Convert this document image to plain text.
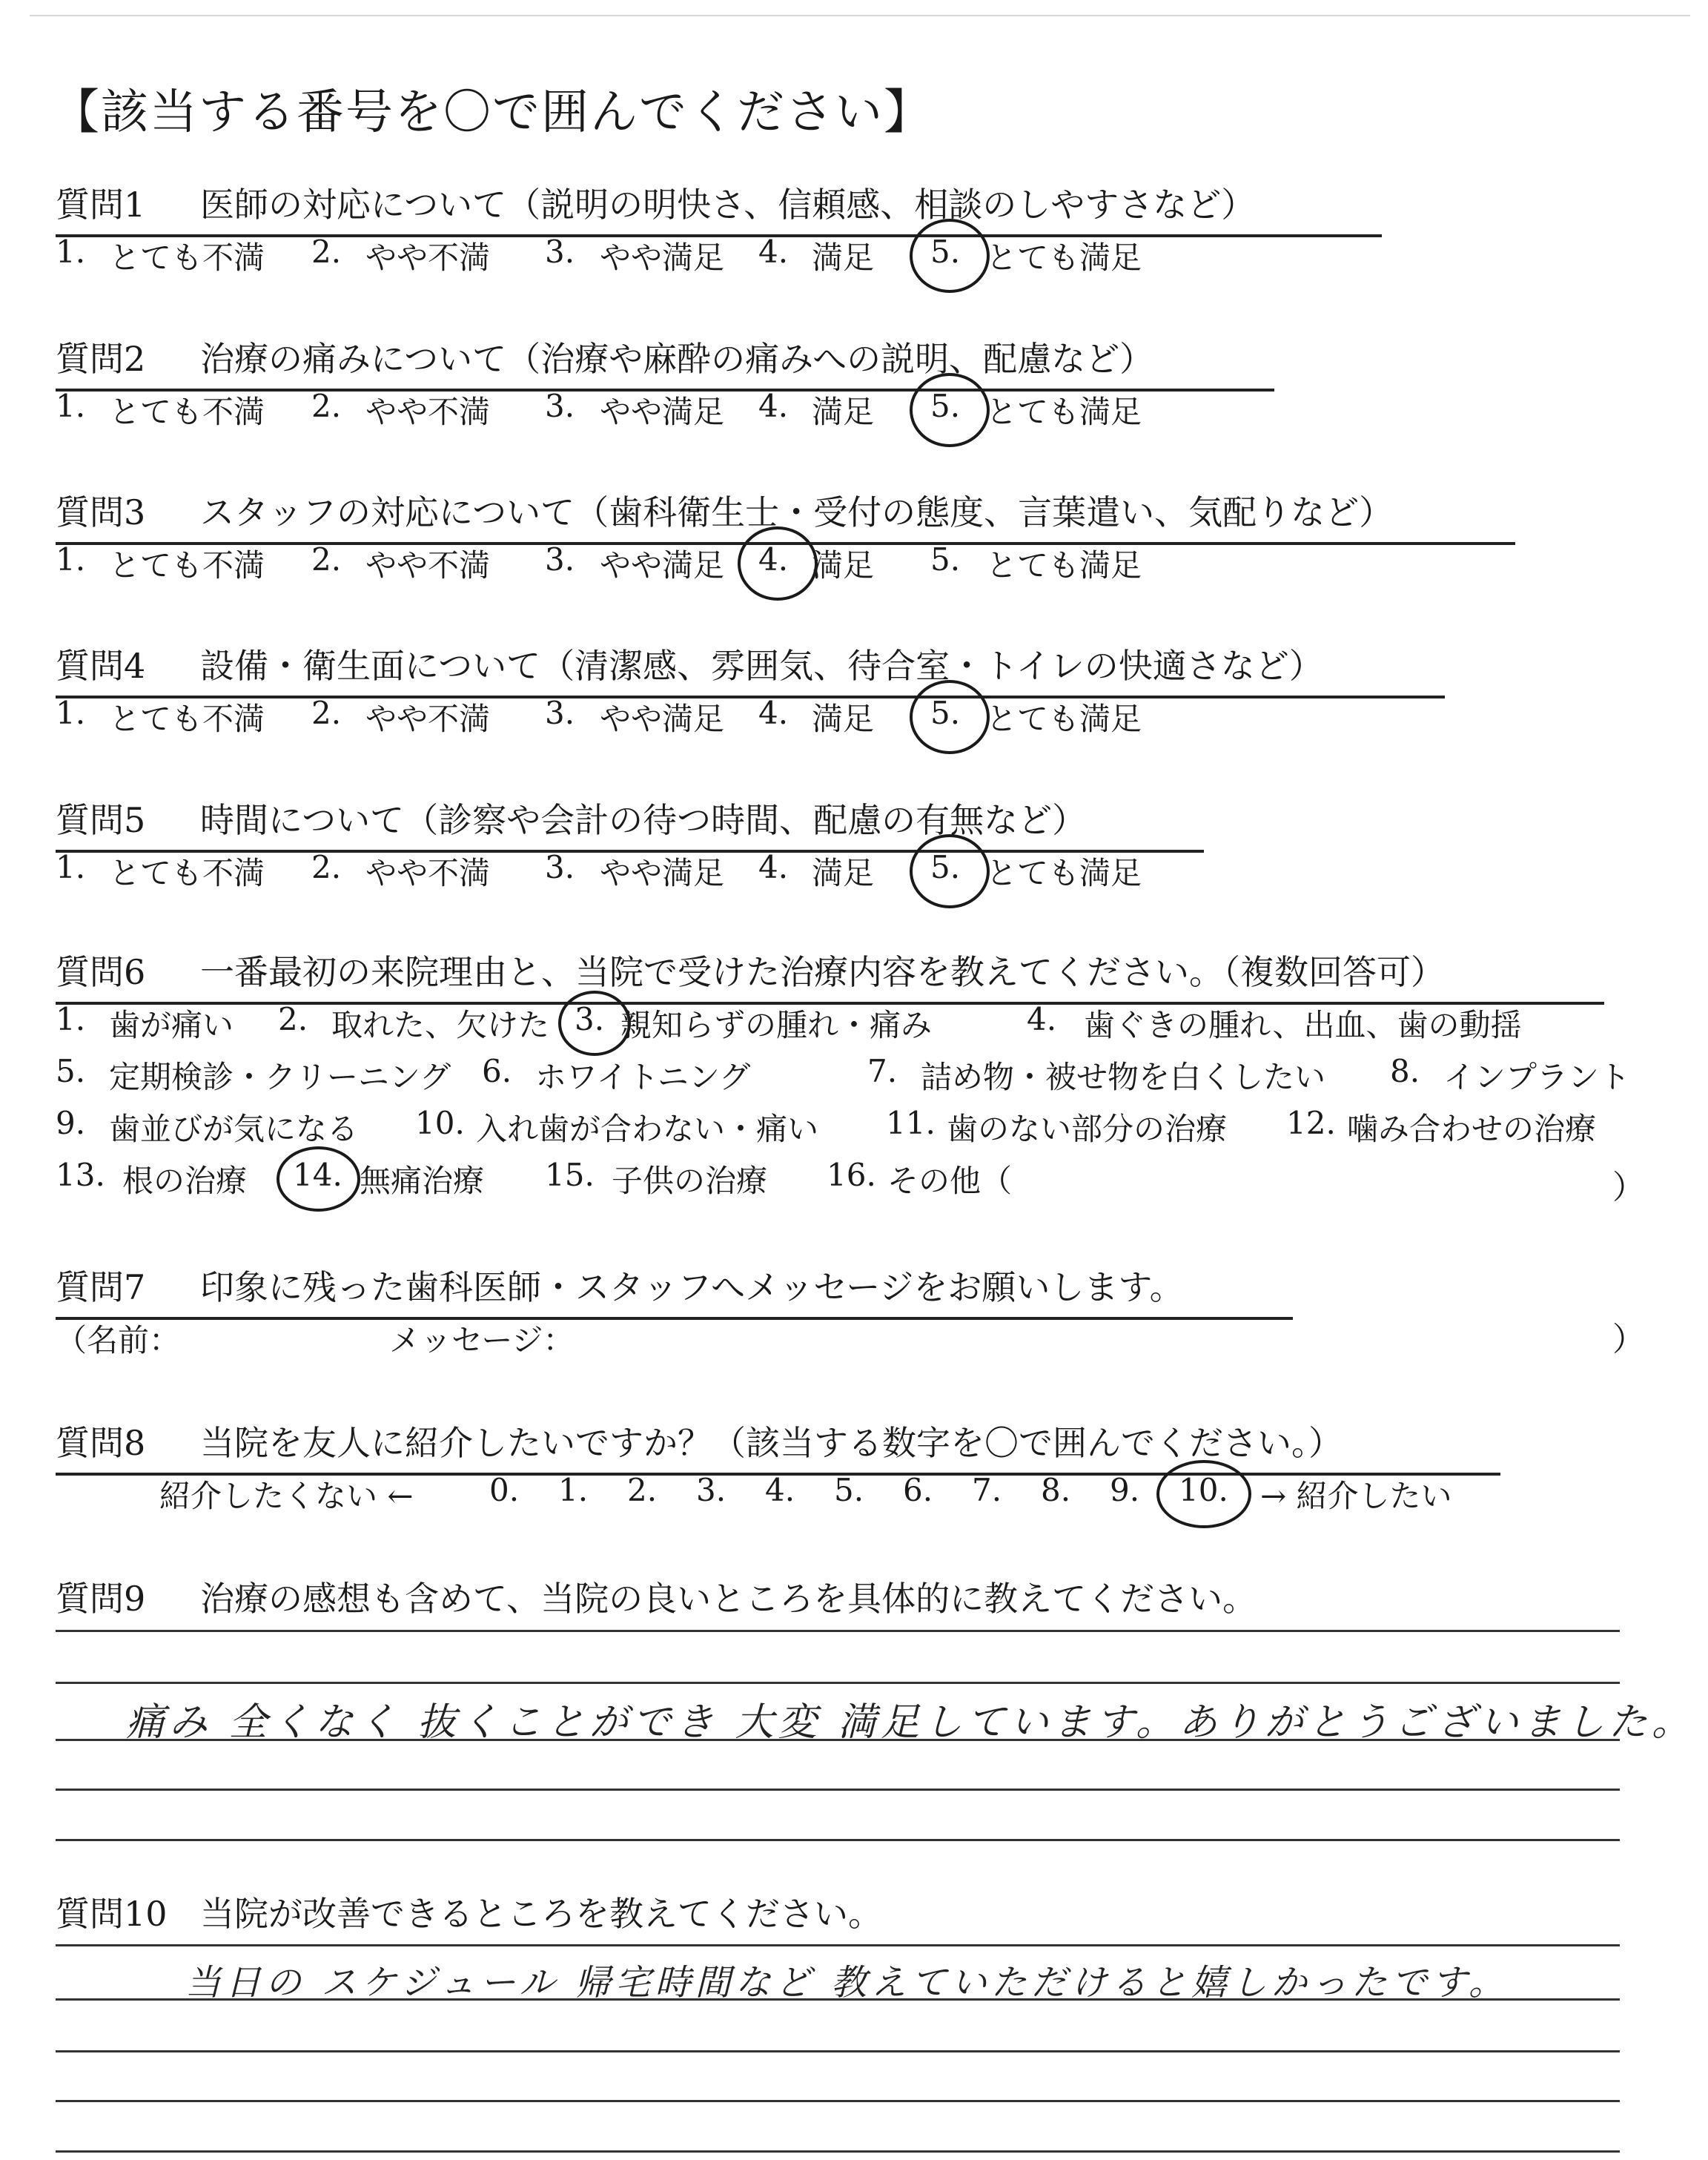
【該当する番号を〇で囲んでください】
質問1 医師の対応について（説明の明快さ、信頼感、相談のしやすさなど）
1. とても不満 2. やや不満 3. やや満足 4. 満足 5. とても満足
質問2 治療の痛みについて（治療や麻酔の痛みへの説明、配慮など）
1. とても不満 2. やや不満 3. やや満足 4. 満足 5. とても満足
質問3 スタッフの対応について（歯科衛生士・受付の態度、言葉遣い、気配りなど）
1. とても不満 2. やや不満 3. やや満足 4. 満足 5. とても満足
質問4 設備・衛生面について（清潔感、雰囲気、待合室・トイレの快適さなど）
1. とても不満 2. やや不満 3. やや満足 4. 満足 5. とても満足
質問5 時間について（診察や会計の待つ時間、配慮の有無など）
1. とても不満 2. やや不満 3. やや満足 4. 満足 5. とても満足
質問6 一番最初の来院理由と、当院で受けた治療内容を教えてください。（複数回答可）
1. 歯が痛い 2. 取れた、欠けた 3. 親知らずの腫れ・痛み	4. 歯ぐきの腫れ、出血、歯の動揺
5. 定期検診・クリーニング 6. ホワイトニング	7. 詰め物・被せ物を白くしたい 8. インプラント
9. 歯並びが気になる 10. 入れ歯が合わない・痛い 11. 歯のない部分の治療 12. 噛み合わせの治療
13. 根の治療 14. 無痛治療 15. 子供の治療 16. その他（	）
質問7 印象に残った歯科医師・スタッフへメッセージをお願いします。
（名前：	メッセージ：	）
質問8 当院を友人に紹介したいですか？（該当する数字を〇で囲んでください。）
紹介したくない ← 0. 1. 2. 3. 4. 5. 6. 7. 8. 9. 10. → 紹介したい
質問9 治療の感想も含めて、当院の良いところを具体的に教えてください。
痛み 全くなく 抜くことができ 大変 満足しています。ありがとうございました。
質問10 当院が改善できるところを教えてください。
当日の スケジュール 帰宅時間など 教えていただけると嬉しかったです。
